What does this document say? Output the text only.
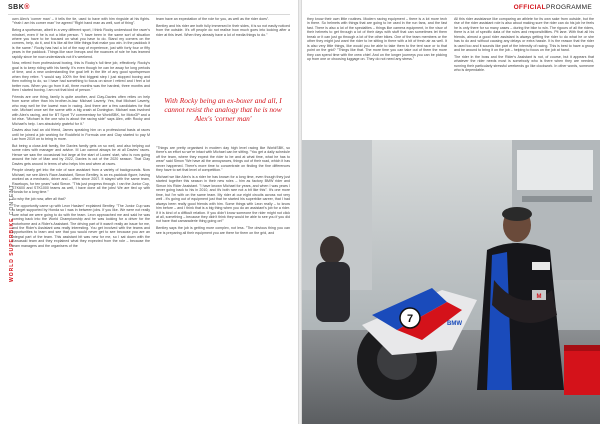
SBK®
WORLD SUPERBIKE CONTENT

own Alex's 'corner man' – it tells the tie, used to have with him ringside at his fights. "Yeah I am his corner man" he agreed "Right hand man as well, sort of thing".

Being a sportsman, albeit in a very different sport, I think Rocky understood the racer's mindset, even if he is not a bike person. "I have been in the same sort of situation where you have to be focused on what you have to do. Stand my corners on the corners, help, do it, and it is like all the little things that make you win. In the paddock it is the same." Rocky has had a lot of the way of experience, just with forty four or fifty years in the paddock. Things like race lineups and the nuances of rule he has learned rapidly since he now understands not it's weekend.

Now, retired from professional boxing, this is Rocky's full time job, effectively. Rocky's goal is to keep riding with his family. It's even though he can be away for long periods of time, and a new understanding the goal left in the life of any good sportsperson when they retire. "I would say 100% the first biggest step I just stopped boxing and then nothing to do, so I have had something to focus on since I retired and I feel a lot better now. When you go from it all, three months was the hardest, three months and then I started boxing. I am not that kind of person."

Friends are one thing, family is quite another, and Clay-Davies often relies on help from some other than his brother-in-law. Michael Laverty. Yes, that Michael Laverty, who may well be the lowest man in racing. And there are a few candidates for that role. Michael once set the scene with a big crash at Donington. Michael was involved with Alex's racing, and for BT Sport TV commentary for WorldSBK, for MotoGP and a lot else. "Michael is the one who is about the racing side" says Alex, with Rocky and Michael's help. I am absolutely grateful for it."

Davies also had an old friend, James speaking him on a professional basis at races until he joined a job working for Rockfield in Formula one and Clay started to pay M Lav from 2019 on to bring in more.

But being a close-knit family, the Davies family gets on so well, and also helping out some roles with manager and advice. M Lav cannot always be at all Davies' races. Hence we saw the occasional but large at the start of Lowes' start, who is now going around the Isle of Man and by 2022, Davies is out of the 2020 season. That Clay Davies gets around in terms of who helps him and when at races.

People clearly get into the role of race assistant from a variety of backgrounds. Now Michael, we see Alex's Race Assistant, Simon Bentley, is an ex-paddock figure, having worked as a mechanic, driver and – often since 2007. It stayed with the same team, Racekups, for ten years" said Simon. "This just progress through. I ran the Junior Cup, STK600 and STK1000 teams as well, I have done all the jobs! We are tied up with Honda for a long time."

So why the job now, after all that?

"The opportunity came up with Leon Haslam" explained Bentley. "The Junior Cup was to target supported by Honda so I was in between jobs. If you like. We were not really sure what we were going to do with the team. Leon approached me and said he was coming back into the World Championship and he was looking for a driver for the motorhome and a Rider's Assistant. The driving part of it wasn't really an issue for me, and the Rider's Assistant was really interesting. You get involved with the teams and opportunities to learn and see that you would never get to see because you are an integral part of the team. This assistant bit was new for me, so I sat down with the Kawasaki team and they explained what they expected from the role – because the team managers and the organisers of the

team have an expectation of the role for you, as well as the rider does".

Bentley and his rider are both fully immersed in their sides, it is so not easily noticed from the outside. It's off people do not realise how much goes into looking after a rider at this level. When they already have a lot of media things to do."

With Rocky being an ex-boxer and all, I cannot resist the analogy that he is now Alex's 'corner man'

"Things are pretty organised in modern day high level racing like WorldSBK, so there's an effort so we're intact with Michael can be sitting. "You get a daily schedule off the team, where they expect the rider to be and at what time, what he has to wear" said Simon "We have all the annoyances, things out of their road, which it has never happened. There's more time to concentrate on finding the fine differences they have to set that level of competition."

Michael we like Alex's is a rider he has known for a long time, even though they just started together this season in their new roles – him as factory BMW rider and Simon his Rider Assistant. "I have known Michael for years, and when I was years I never going back to his in 2010, and it's both rare not a bit like this". It's one more time, but I'm with on the same team. My rider at our eight circuits across not very well - it's going out of equipment just that he started his superbike career, that I had always been really good friends with him. Some things with Leon really – to know him before – and I think that is a big thing when you do an assistant's job for a rider. If it is kind of a difficult relation. If you didn't know someone the rider might not click at all, something – because they didn't think they would be able to see you if you did not have that camaraderie thing going on!"

Bentley says the job is getting more complex, not less. "The obvious thing you can see is preparing all their equipment you are there for them on the grid, and

OFFICIALPROGRAMME

they know their own little routines. Modern racing equipment – there is a lot more tech in there. So helmets with things that are going to be used in the run fans, and the fast fast. There is also a lot of the specialties – things like camera equipment, in the visor of their helmets to get through a lot of their days with stuff that can sometimes let them break or it can just go through a lot of the other bikes. One of the team members or the other they might just want the rider to be sitting in there with a bit of fresh air as well. It is also very little things, like would you be able to take them to the tent race or to that point on the grid? "Things like that. The more time you can take out of them the more they can spend time with the crew chief. And on the longer journeys you can be picking up from one or choosing luggage on. They do not need any stress."

All this rider assistance like comparing an athlete for its own sake from outside, but the rise of the rider assistant role is also about making sure the rider can do his job he feels he is only there for so many cases – during the bike to win. The rigours of all the riders, there is a lot of specific data of the rules and responsibilities. Pit lane. With that all his friends, almost a good rider assistant is always getting the rider to do what he or she has to do and without causing any delays or extra hassle. It is the reason that the rider is used too and it sounds like part of the intensity of racing. This is best to have a group and be around to bring it on the job – helping to focus on the job at hand.

The rider in the boss and the Rider's Assistant is not, of course, but it appears that whatever the rider needs most is somebody who is there when they are needed, running their particularly stressful weekends go like clockwork. In other words, someone who is dependable.

7	BMW
M
